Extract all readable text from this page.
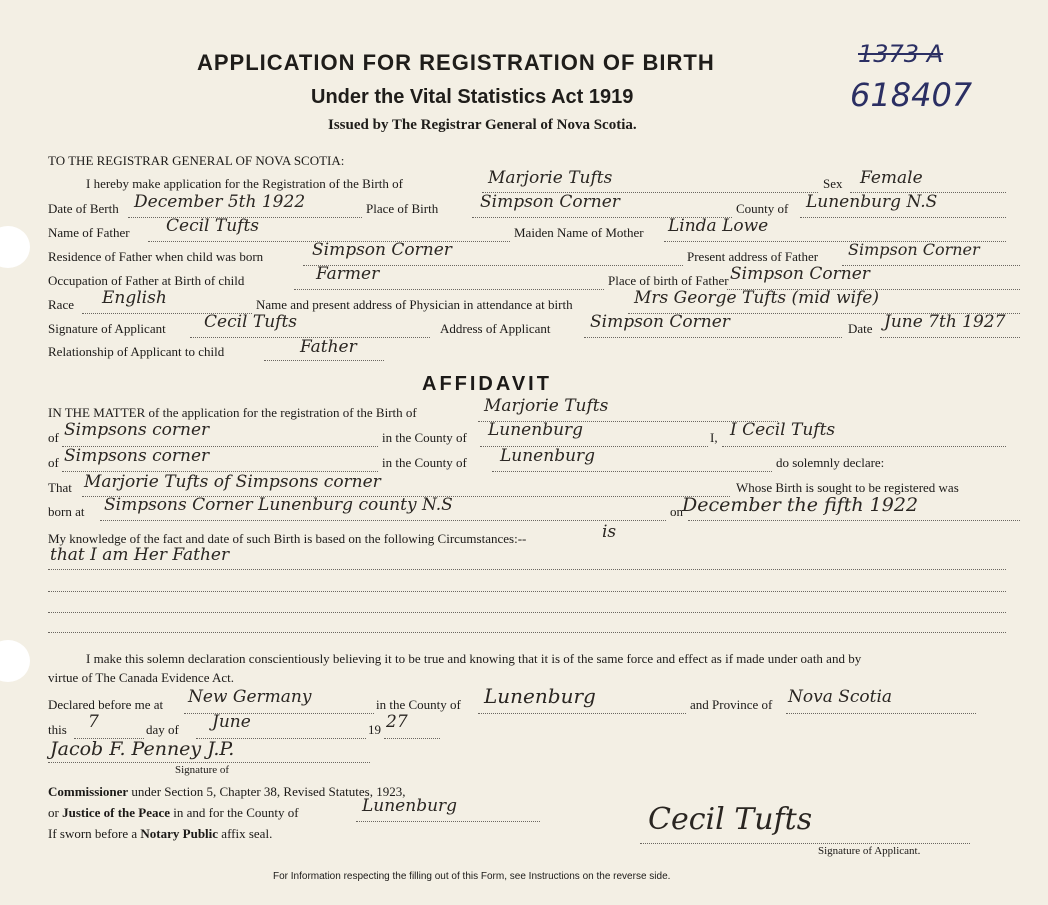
APPLICATION FOR REGISTRATION OF BIRTH	1373 A
618407
Under the Vital Statistics Act 1919
Issued by The Registrar General of Nova Scotia.
TO THE REGISTRAR GENERAL OF NOVA SCOTIA:
I hereby make application for the Registration of the Birth of	Marjorie Tufts	Sex Female
Date of Berth December 5th 1922	Place of Birth Simpson Corner	County of Lunenburg N.S
Name of Father Cecil Tufts	Maiden Name of Mother Linda Lowe
Residence of Father when child was born	Simpson Corner	Present address of Father Simpson Corner
Occupation of Father at Birth of child	Farmer	Place of birth of Father Simpson Corner
Race English	Name and present address of Physician in attendance at birth	Mrs George Tufts (mid wife)
Signature of Applicant Cecil Tufts	Address of Applicant Simpson Corner	Date June 7th 1927
Relationship of Applicant to child	Father
AFFIDAVIT
IN THE MATTER of the application for the registration of the Birth of	Marjorie Tufts
of Simpsons corner	in the County of Lunenburg	I, I Cecil Tufts
of Simpsons corner	in the County of Lunenburg	do solemnly declare:
That Marjorie Tufts of Simpsons corner	Whose Birth is sought to be registered was
born at Simpsons Corner Lunenburg county N.S	on December the fifth 1922
My knowledge of the fact and date of such Birth is based on the following Circumstances:--	is
that I am Her Father
I make this solemn declaration conscientiously believing it to be true and knowing that it is of the same force and effect as if made under oath and by
virtue of The Canada Evidence Act.
Declared before me at New Germany	in the County of Lunenburg	and Province of Nova Scotia
this 7	day of June	19 27
Jacob F. Penney J.P.
Signature of
Commissioner under Section 5, Chapter 38, Revised Statutes, 1923,
or Justice of the Peace in and for the County of	Lunenburg
If sworn before a Notary Public affix seal.	Cecil Tufts
Signature of Applicant.
For Information respecting the filling out of this Form, see Instructions on the reverse side.
